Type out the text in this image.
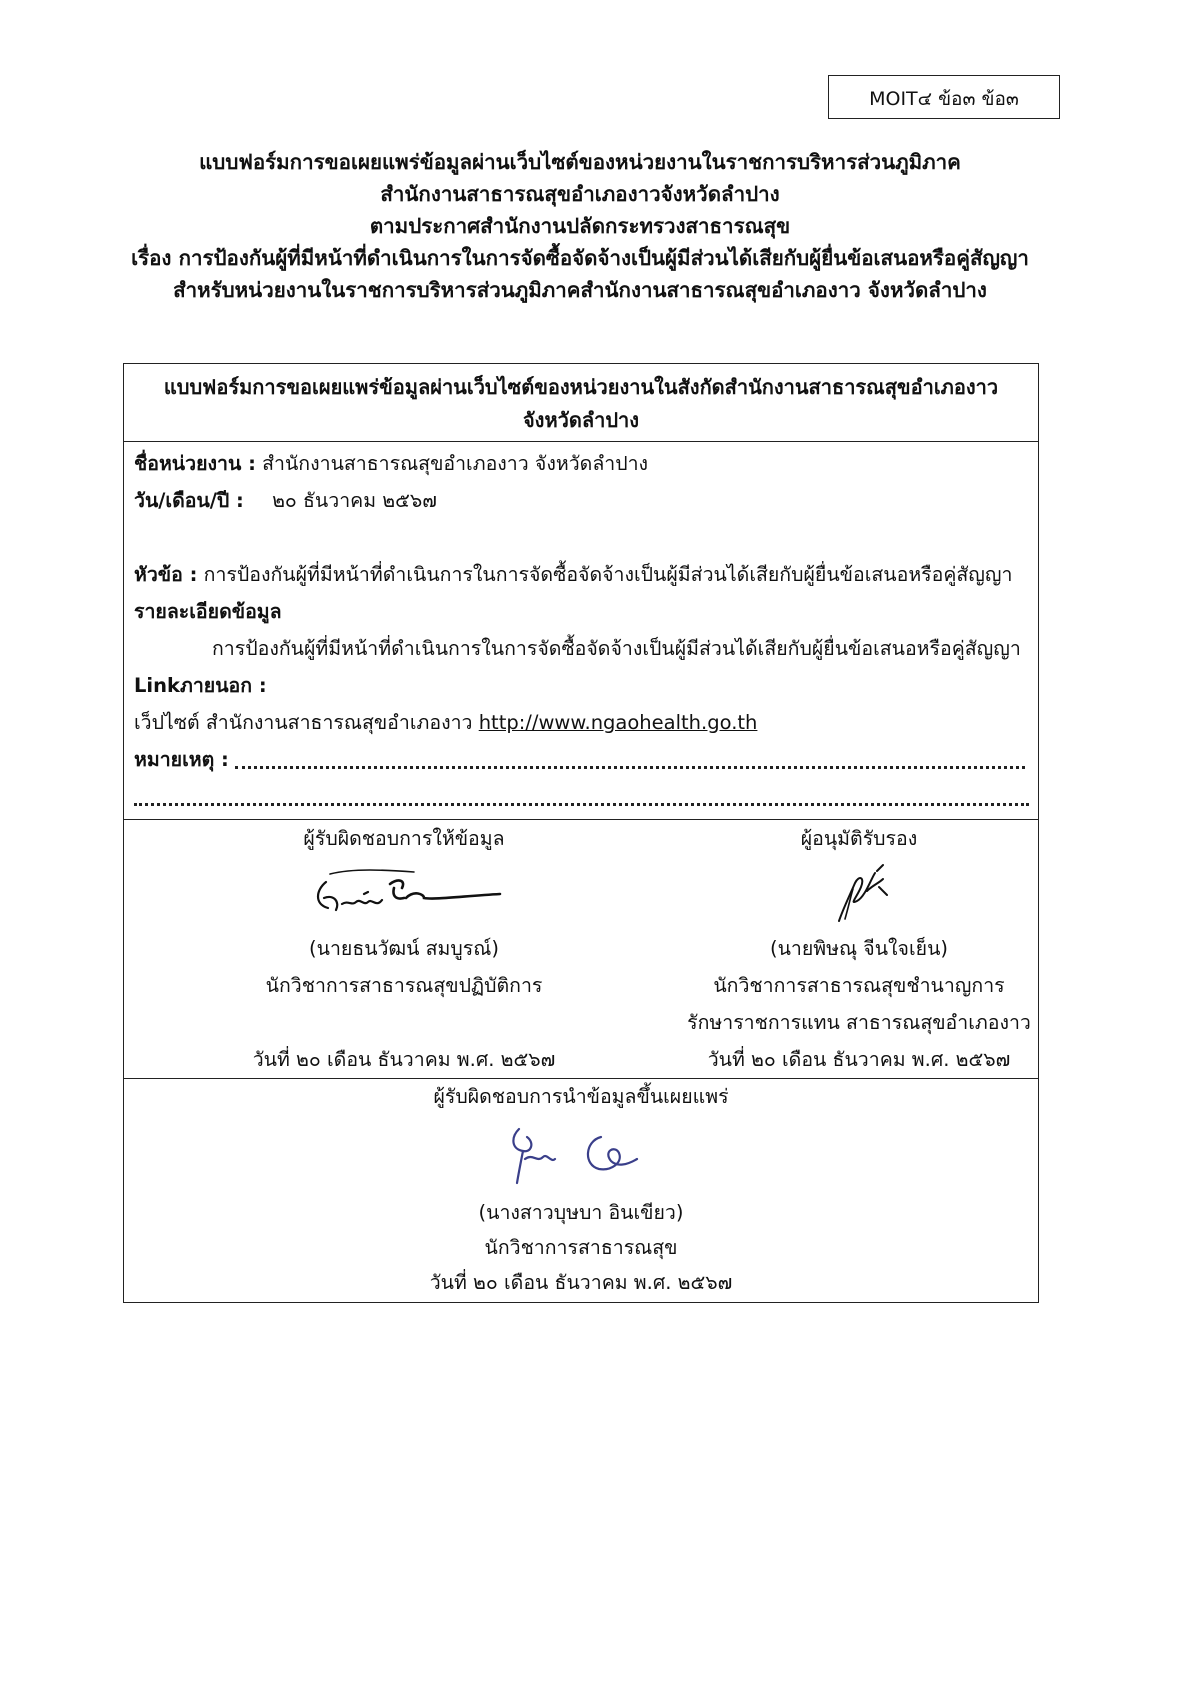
MOIT๔ ข้อ๓ ข้อ๓
แบบฟอร์มการขอเผยแพร่ข้อมูลผ่านเว็บไซต์ของหน่วยงานในราชการบริหารส่วนภูมิภาค
สำนักงานสาธารณสุขอำเภองาวจังหวัดลำปาง
ตามประกาศสำนักงานปลัดกระทรวงสาธารณสุข
เรื่อง การป้องกันผู้ที่มีหน้าที่ดำเนินการในการจัดซื้อจัดจ้างเป็นผู้มีส่วนได้เสียกับผู้ยื่นข้อเสนอหรือคู่สัญญา
สำหรับหน่วยงานในราชการบริหารส่วนภูมิภาคสำนักงานสาธารณสุขอำเภองาว จังหวัดลำปาง
แบบฟอร์มการขอเผยแพร่ข้อมูลผ่านเว็บไซต์ของหน่วยงานในสังกัดสำนักงานสาธารณสุขอำเภองาว
จังหวัดลำปาง
ชื่อหน่วยงาน : สำนักงานสาธารณสุขอำเภองาว จังหวัดลำปาง
วัน/เดือน/ปี : ๒๐ ธันวาคม ๒๕๖๗
หัวข้อ : การป้องกันผู้ที่มีหน้าที่ดำเนินการในการจัดซื้อจัดจ้างเป็นผู้มีส่วนได้เสียกับผู้ยื่นข้อเสนอหรือคู่สัญญา
รายละเอียดข้อมูล
การป้องกันผู้ที่มีหน้าที่ดำเนินการในการจัดซื้อจัดจ้างเป็นผู้มีส่วนได้เสียกับผู้ยื่นข้อเสนอหรือคู่สัญญา
Linkภายนอก :
เว็ปไซต์ สำนักงานสาธารณสุขอำเภองาว http://www.ngaohealth.go.th
หมายเหตุ :
ผู้รับผิดชอบการให้ข้อมูล
(นายธนวัฒน์ สมบูรณ์)
นักวิชาการสาธารณสุขปฏิบัติการ

วันที่ ๒๐ เดือน ธันวาคม พ.ศ. ๒๕๖๗
ผู้อนุมัติรับรอง
(นายพิษณุ จีนใจเย็น)
นักวิชาการสาธารณสุขชำนาญการ
รักษาราชการแทน สาธารณสุขอำเภองาว
วันที่ ๒๐ เดือน ธันวาคม พ.ศ. ๒๕๖๗
ผู้รับผิดชอบการนำข้อมูลขึ้นเผยแพร่
(นางสาวบุษบา อินเขียว)
นักวิชาการสาธารณสุข
วันที่ ๒๐ เดือน ธันวาคม พ.ศ. ๒๕๖๗
